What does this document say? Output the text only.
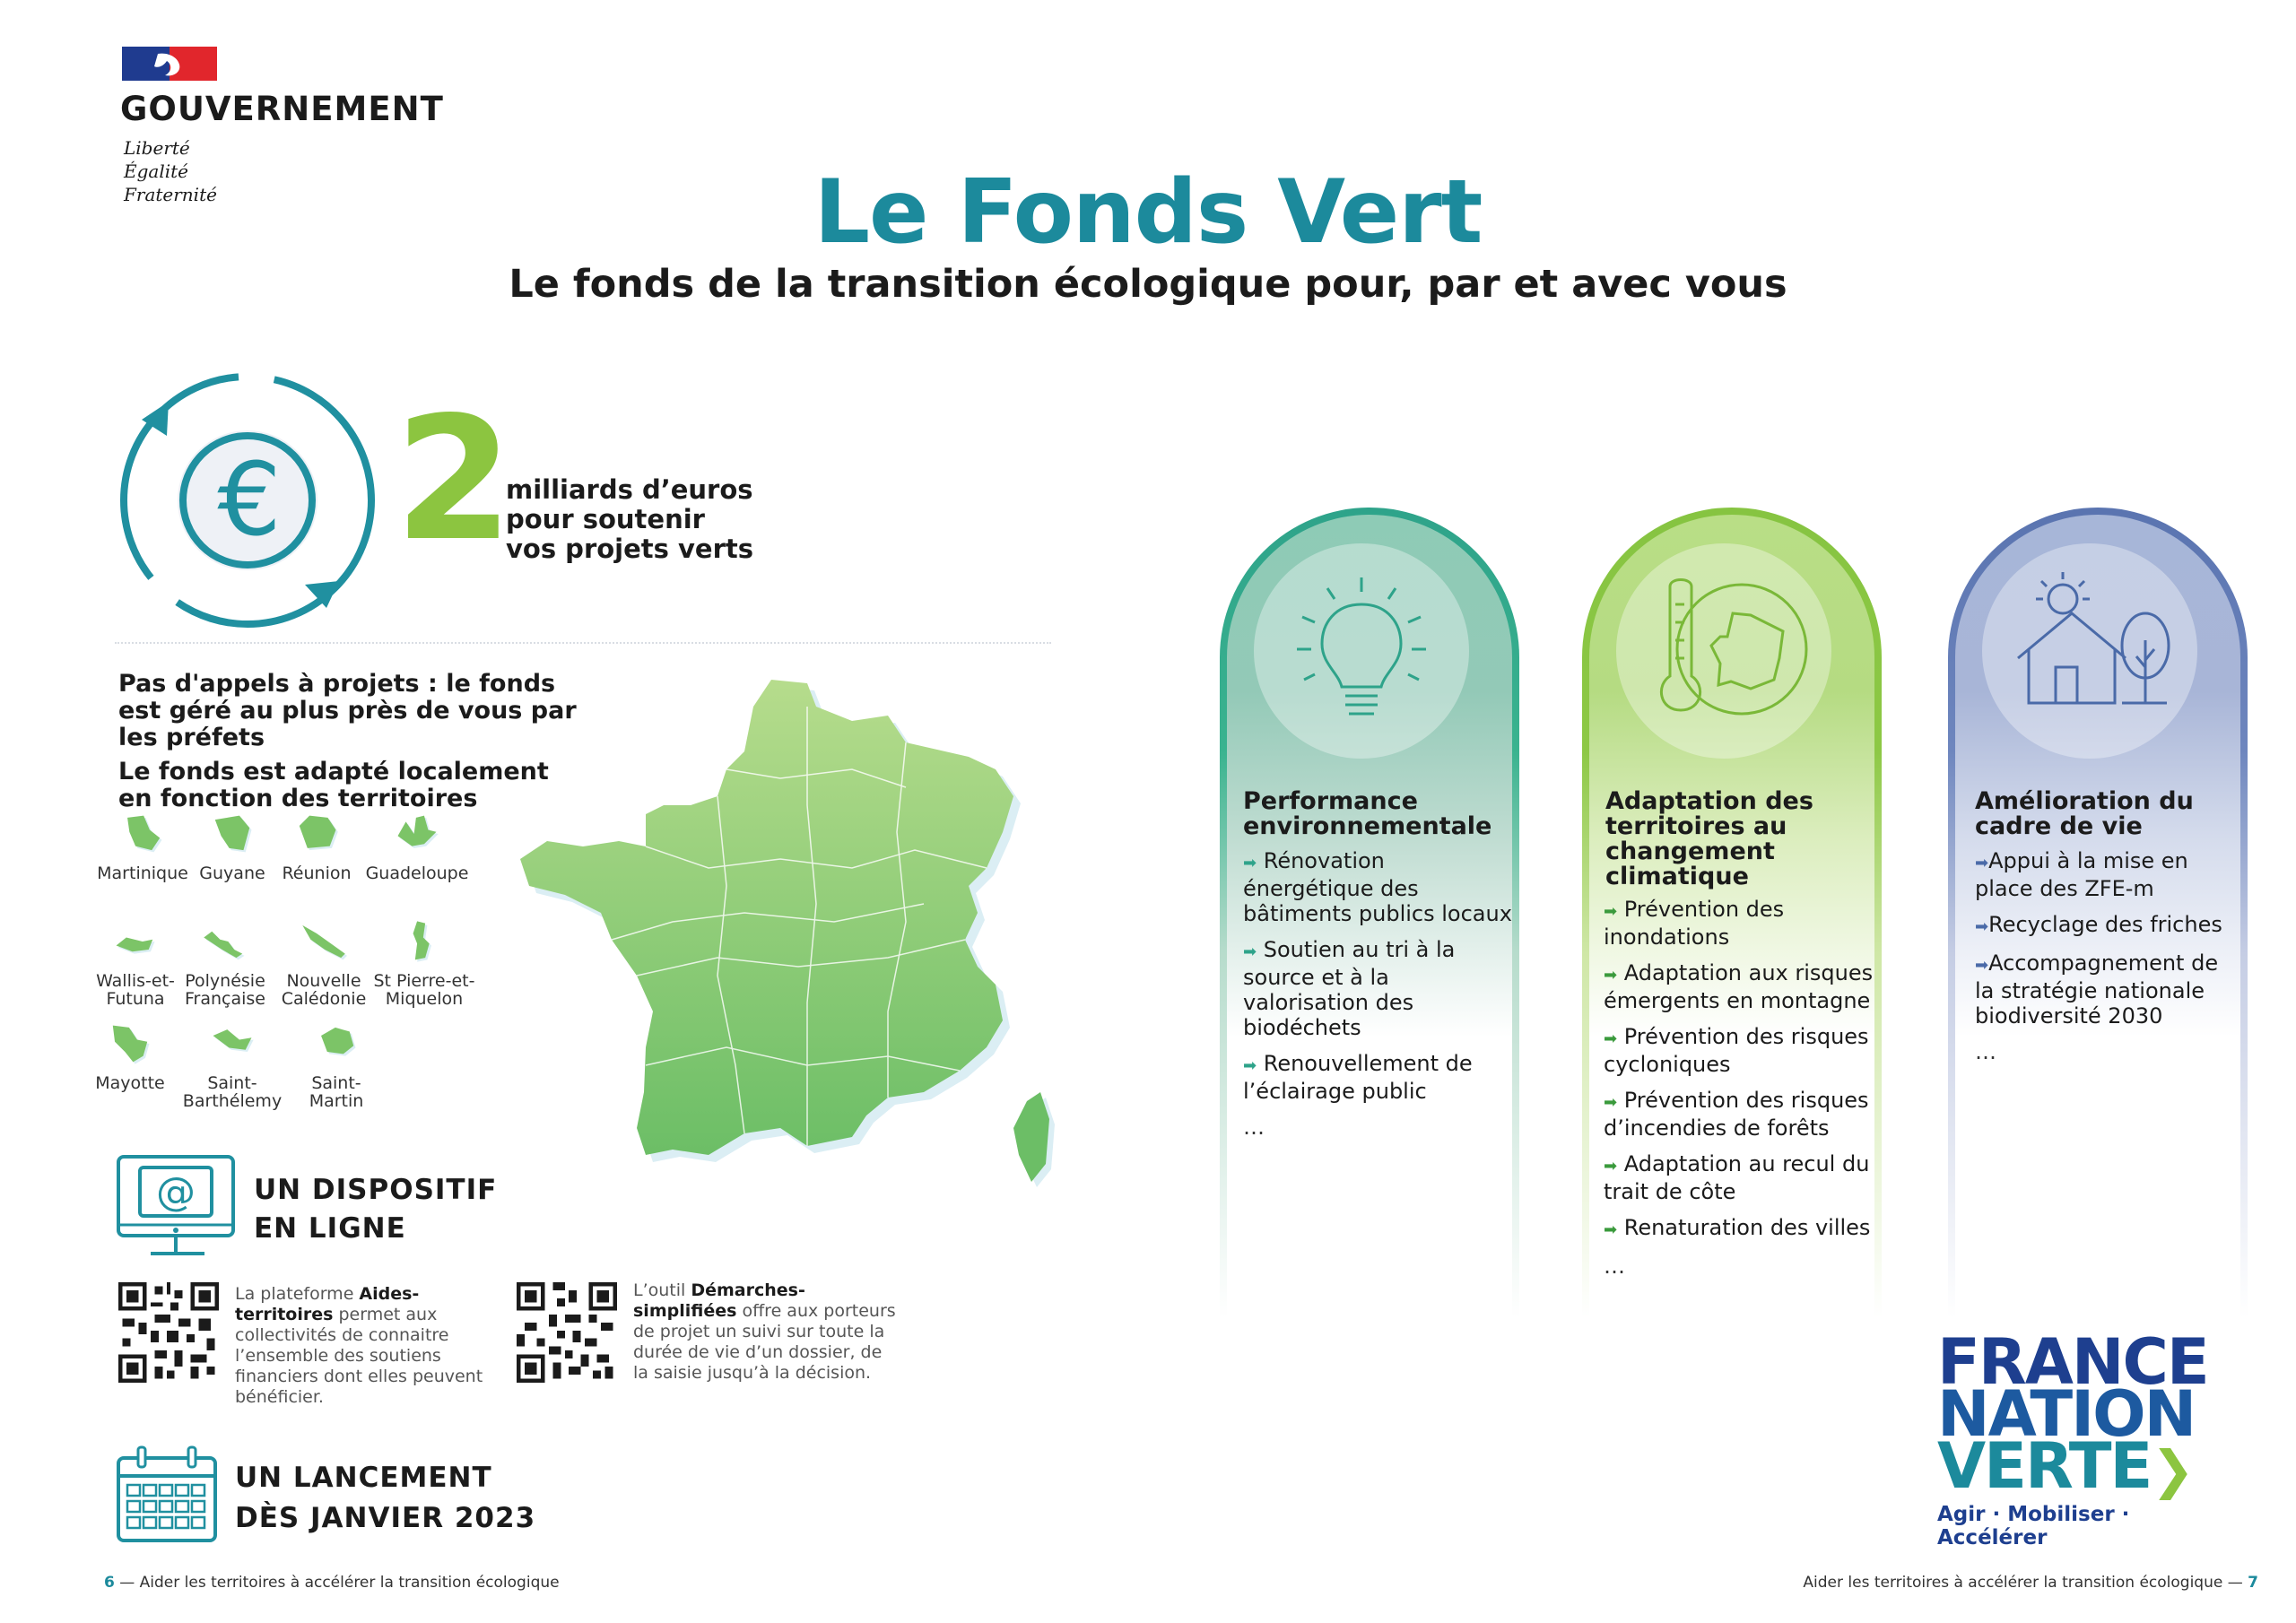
GOUVERNEMENT
Liberté
Égalité
Fraternité	Le Fonds Vert
Le fonds de la transition écologique pour, par et avec vous
€ 2
milliards d’euros
pour soutenir
vos projets verts

Pas d'appels à projets : le fonds est géré au plus près de vous par les préfets

Le fonds est adapté localement en fonction des territoires

Martinique Guyane Réunion Guadeloupe
Wallis-et-
Futuna
Polynésie
Française
Nouvelle
Calédonie
St Pierre-et-
Miquelon
Mayotte	Saint-
Barthélemy
Saint-
Martin
@ UN DISPOSITIF
EN LIGNE
La plateforme Aides-territoires permet aux collectivités de connaitre l’ensemble des soutiens financiers dont elles peuvent bénéficier.
L’outil Démarches-simplifiées offre aux porteurs de projet un suivi sur toute la durée de vie d’un dossier, de la saisie jusqu’à la décision.
UN LANCEMENT
DÈS JANVIER 2023
6 — Aider les territoires à accélérer la transition écologique	Aider les territoires à accélérer la transition écologique — 7
Performance environnementale
➡ Rénovation énergétique des bâtiments publics locaux
➡ Soutien au tri à la source et à la valorisation des biodéchets
➡ Renouvellement de l’éclairage public
…
Adaptation des territoires au changement climatique
➡ Prévention des inondations
➡ Adaptation aux risques émergents en montagne
➡ Prévention des risques cycloniques
➡ Prévention des risques d’incendies de forêts
➡ Adaptation au recul du trait de côte
➡ Renaturation des villes
…
Amélioration du cadre de vie
➡Appui à la mise en place des ZFE-m
➡Recyclage des friches
➡Accompagnement de la stratégie nationale biodiversité 2030
…
FRANCE
NATION
VERTE❯
Agir · Mobiliser · Accélérer
